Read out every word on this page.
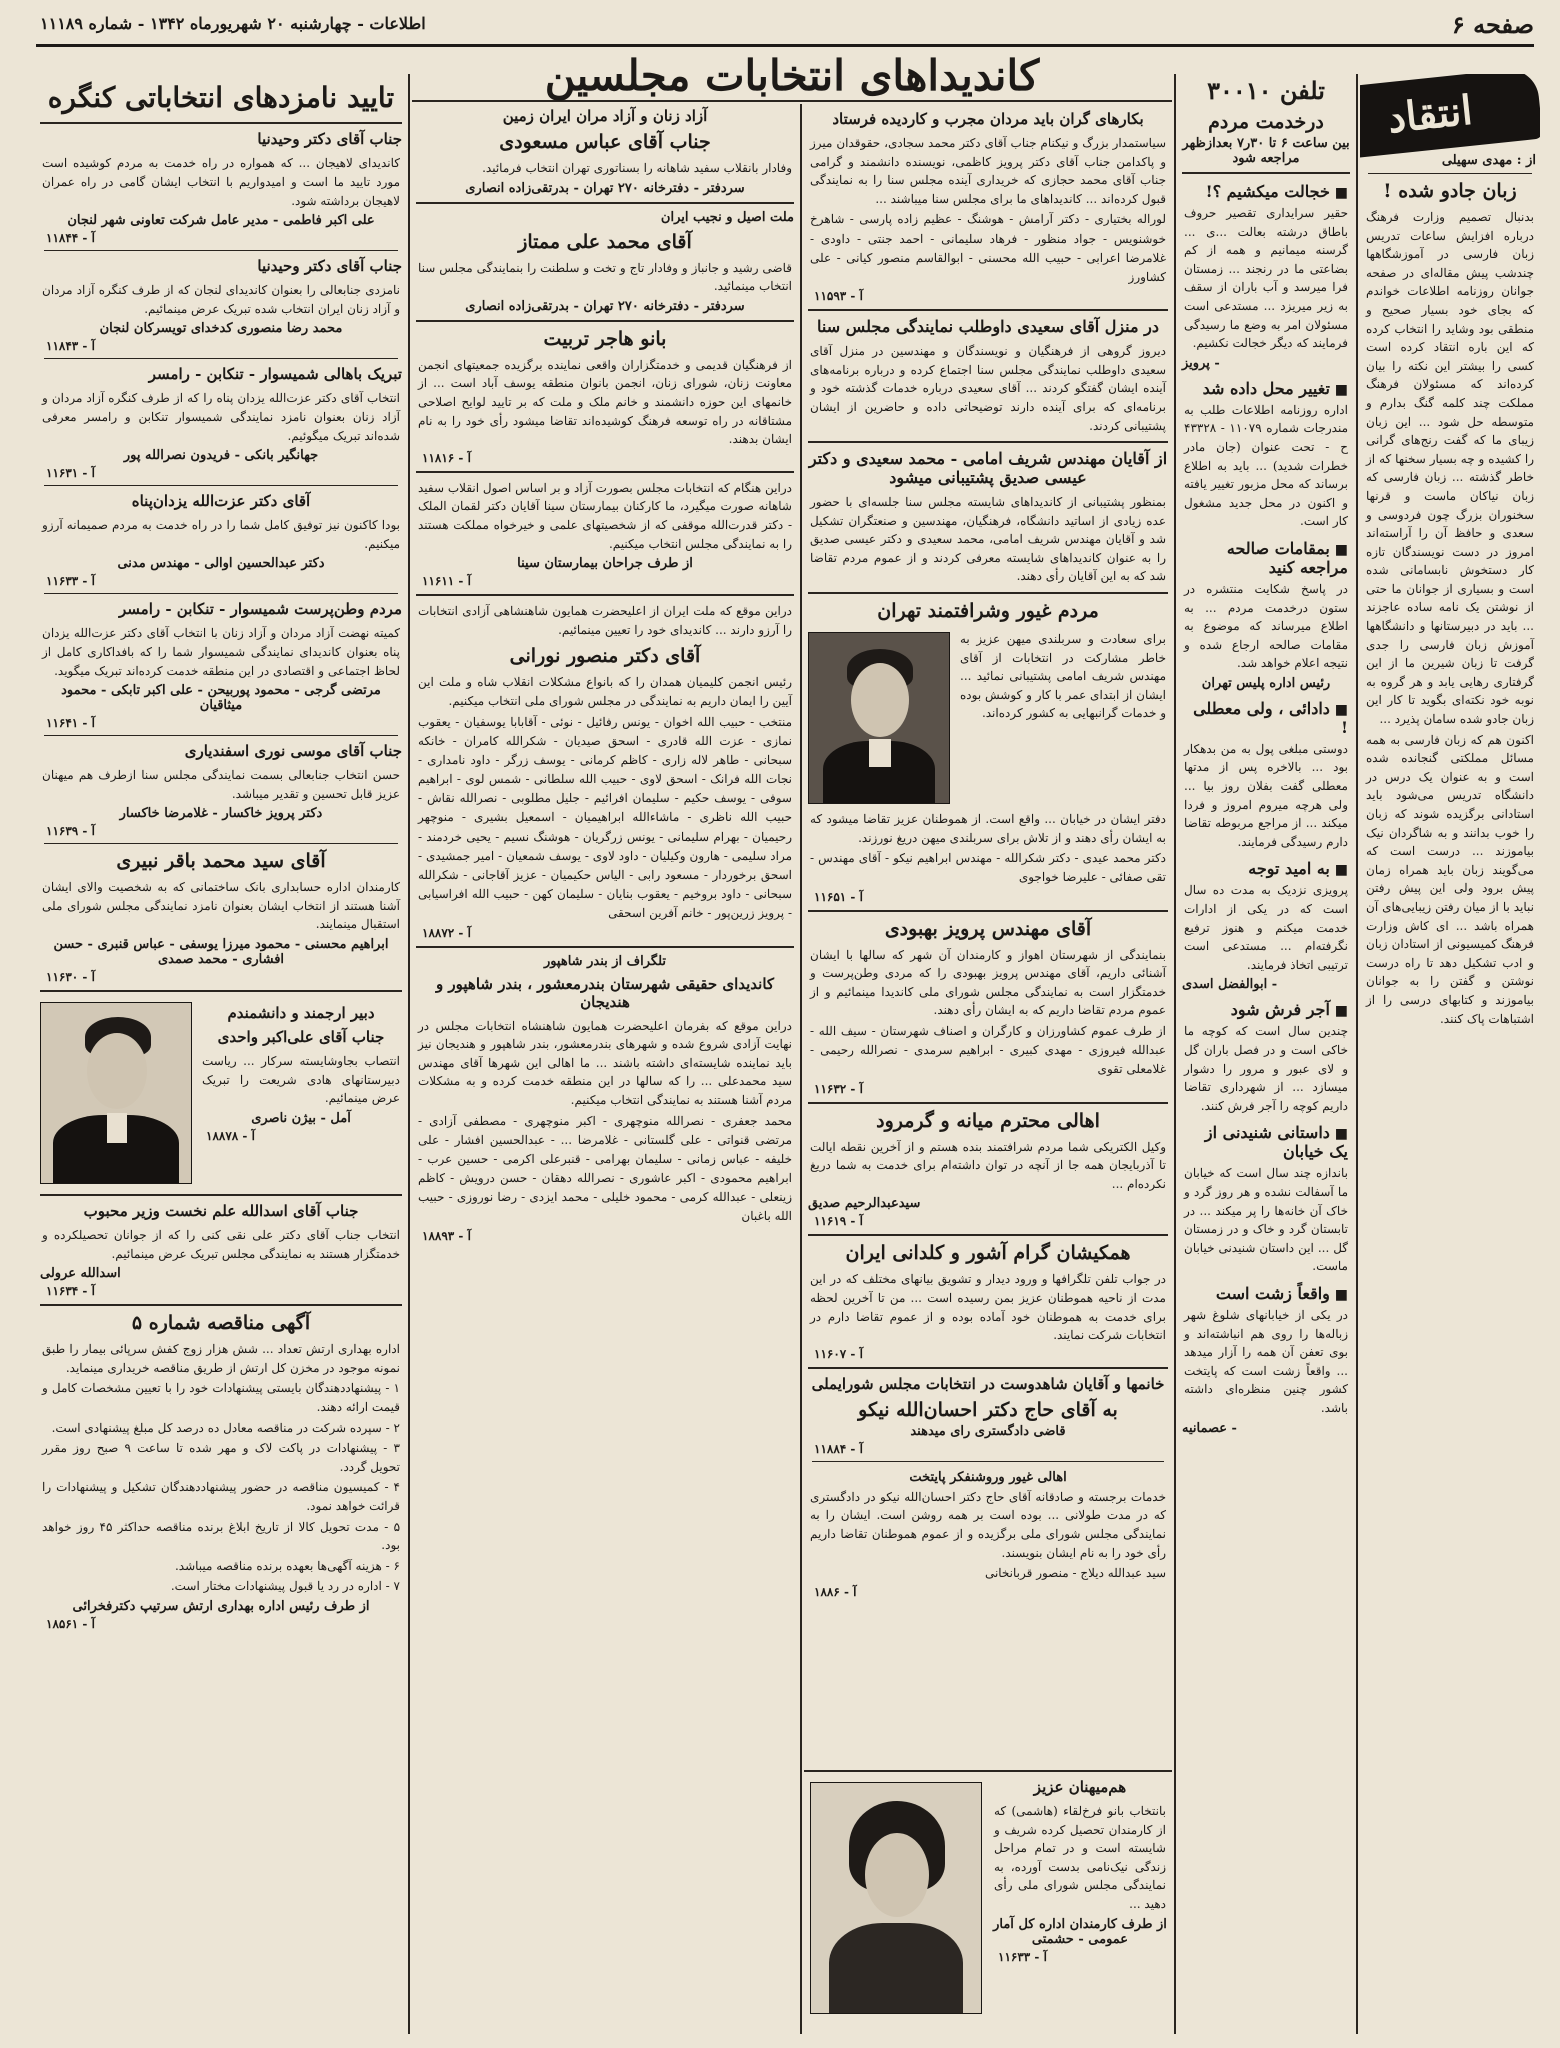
صفحه ۶
اطلاعات - چهارشنبه ۲۰ شهریورماه ۱۳۴۲ - شماره ۱۱۱۸۹
کاندیداهای انتخابات مجلسین
انتقاد
از : مهدی سهیلی
زبان جادو شده !
بدنبال تصمیم وزارت فرهنگ درباره افزایش ساعات تدریس زبان فارسی در آموزشگاهها چندشب پیش مقاله‌ای در صفحه جوانان روزنامه اطلاعات خواندم که بجای خود بسیار صحیح و منطقی بود وشاید را انتخاب کرده که این باره انتقاد کرده است کسی را بیشتر این نکته را بیان کرده‌اند که مسئولان فرهنگ مملکت چند کلمه گنگ بدارم و متوسطه حل شود ... این زبان زیبای ما که گفت رنج‌های گرانی را کشیده و چه بسیار سخنها که از خاطر گذشته ... زبان فارسی که زبان نیاکان ماست و قرنها سخنوران بزرگ چون فردوسی و سعدی و حافظ آن را آراسته‌اند امروز در دست نویسندگان تازه کار دستخوش نابسامانی شده است و بسیاری از جوانان ما حتی از نوشتن یک نامه ساده عاجزند ... باید در دبیرستانها و دانشگاهها آموزش زبان فارسی را جدی گرفت تا زبان شیرین ما از این گرفتاری رهایی یابد و هر گروه به نوبه خود نکته‌ای بگوید تا کار این زبان جادو شده سامان پذیرد ...
اکنون هم که زبان فارسی به همه مسائل مملکتی گنجانده شده است و به عنوان یک درس در دانشگاه تدریس می‌شود باید استادانی برگزیده شوند که زبان را خوب بدانند و به شاگردان نیک بیاموزند ... درست است که می‌گویند زبان باید همراه زمان پیش برود ولی این پیش رفتن نباید با از میان رفتن زیبایی‌های آن همراه باشد ... ای کاش وزارت فرهنگ کمیسیونی از استادان زبان و ادب تشکیل دهد تا راه درست نوشتن و گفتن را به جوانان بیاموزند و کتابهای درسی را از اشتباهات پاک کنند.
تلفن ۳۰۰۱۰
درخدمت مردم
بین ساعت ۶ تا ۳۰ر۷ بعدازظهر مراجعه شود
■ خجالت میکشیم ؟!
حقیر سرایداری تقصیر حروف باطاق درشته بعالت ...ی ... گرسنه میمانیم و همه از کم بضاعتی ما در رنجند ... زمستان فرا میرسد و آب باران از سقف به زیر میریزد ... مستدعی است مسئولان امر به وضع ما رسیدگی فرمایند که دیگر خجالت نکشیم.
- پرویز
■ تغییر محل داده شد
اداره روزنامه اطلاعات طلب به مندرجات شماره ۱۱۰۷۹ - ۴۳۳۲۸ ح - تحت عنوان (جان مادر خطرات شدید) ... باید به اطلاع برساند که محل مزبور تغییر یافته و اکنون در محل جدید مشغول کار است.
■ بمقامات صالحه مراجعه کنید
در پاسخ شکایت منتشره در ستون درخدمت مردم ... به اطلاع میرساند که موضوع به مقامات صالحه ارجاع شده و نتیجه اعلام خواهد شد.
رئیس اداره پلیس تهران
■ دادائی ، ولی معطلی !
دوستی مبلغی پول به من بدهکار بود ... بالاخره پس از مدتها معطلی گفت بفلان روز بیا ... ولی هرچه میروم امروز و فردا میکند ... از مراجع مربوطه تقاضا دارم رسیدگی فرمایند.
■ به امید توجه
پرویزی نزدیک به مدت ده سال است که در یکی از ادارات خدمت میکنم و هنوز ترفیع نگرفته‌ام ... مستدعی است ترتیبی اتخاذ فرمایند.
- ابوالفضل اسدی
■ آجر فرش شود
چندین سال است که کوچه ما خاکی است و در فصل باران گل و لای عبور و مرور را دشوار میسازد ... از شهرداری تقاضا داریم کوچه را آجر فرش کنند.
■ داستانی شنیدنی از یک خیابان
باندازه چند سال است که خیابان ما آسفالت نشده و هر روز گرد و خاک آن خانه‌ها را پر میکند ... در تابستان گرد و خاک و در زمستان گل ... این داستان شنیدنی خیابان ماست.
■ واقعاً زشت است
در یکی از خیابانهای شلوغ شهر زباله‌ها را روی هم انباشته‌اند و بوی تعفن آن همه را آزار میدهد ... واقعاً زشت است که پایتخت کشور چنین منظره‌ای داشته باشد.
- عصمانیه
بکارهای گران باید مردان مجرب و کاردیده فرستاد
سیاستمدار بزرگ و نیکنام جناب آقای دکتر محمد سجادی، حقوقدان میرز و پاکدامن جناب آقای دکتر پرویز کاظمی، نویسنده دانشمند و گرامی جناب آقای محمد حجازی که خریداری آینده مجلس سنا را به نمایندگی قبول کرده‌اند ... کاندیداهای ما برای مجلس سنا میباشند ...
لوراله بختیاری - دکتر آرامش - هوشنگ - عظیم زاده پارسی - شاهرخ خوشنویس - جواد منظور - فرهاد سلیمانی - احمد جنتی - داودی - غلامرضا اعرابی - حبیب الله محسنی - ابوالقاسم منصور کیانی - علی کشاورز
آ - ۱۱۵۹۳
در منزل آقای سعیدی داوطلب نمایندگی مجلس سنا
دیروز گروهی از فرهنگیان و نویسندگان و مهندسین در منزل آقای سعیدی داوطلب نمایندگی مجلس سنا اجتماع کرده و درباره برنامه‌های آینده ایشان گفتگو کردند ... آقای سعیدی درباره خدمات گذشته خود و برنامه‌ای که برای آینده دارند توضیحاتی داده و حاضرین از ایشان پشتیبانی کردند.
از آقایان مهندس شریف امامی - محمد سعیدی و دکتر عیسی صدیق پشتیبانی میشود
بمنظور پشتیبانی از کاندیداهای شایسته مجلس سنا جلسه‌ای با حضور عده زیادی از اساتید دانشگاه، فرهنگیان، مهندسین و صنعتگران تشکیل شد و آقایان مهندس شریف امامی، محمد سعیدی و دکتر عیسی صدیق را به عنوان کاندیداهای شایسته معرفی کردند و از عموم مردم تقاضا شد که به این آقایان رأی دهند.
مردم غیور وشرافتمند تهران
برای سعادت و سربلندی میهن عزیز به خاطر مشارکت در انتخابات از آقای مهندس شریف امامی پشتیبانی نمائید ... ایشان از ابتدای عمر با کار و کوشش بوده و خدمات گرانبهایی به کشور کرده‌اند.
دفتر ایشان در خیابان ... واقع است. از هموطنان عزیز تقاضا میشود که به ایشان رأی دهند و از تلاش برای سربلندی میهن دریغ نورزند.
دکتر محمد عیدی - دکتر شکرالله - مهندس ابراهیم نیکو - آقای مهندس - تقی صفائی - علیرضا خواجوی
آ - ۱۱۶۵۱
آقای مهندس پرویز بهبودی
بنمایندگی از شهرستان اهواز و کارمندان آن شهر که سالها با ایشان آشنائی داریم، آقای مهندس پرویز بهبودی را که مردی وطن‌پرست و خدمتگزار است به نمایندگی مجلس شورای ملی کاندیدا مینمائیم و از عموم مردم تقاضا داریم که به ایشان رأی دهند.
از طرف عموم کشاورزان و کارگران و اصناف شهرستان - سیف الله - عبدالله فیروزی - مهدی کبیری - ابراهیم سرمدی - نصرالله رحیمی - غلامعلی تقوی
آ - ۱۱۶۳۲
اهالی محترم میانه و گرمرود
وکیل الکتریکی شما مردم شرافتمند بنده هستم و از آخرین نقطه ایالت تا آذربایجان همه جا از آنچه در توان داشته‌ام برای خدمت به شما دریغ نکرده‌ام ...
سیدعبدالرحیم صدیق
آ - ۱۱۶۱۹
همکیشان گرام آشور و کلدانی ایران
در جواب تلفن تلگرافها و ورود دیدار و تشویق بیانهای مختلف که در این مدت از ناحیه هموطنان عزیز بمن رسیده است ... من تا آخرین لحظه برای خدمت به هموطنان خود آماده بوده و از عموم تقاضا دارم در انتخابات شرکت نمایند.
آ - ۱۱۶۰۷
خانمها و آقایان شاهدوست در انتخابات مجلس شورایملی
به آقای حاج دکتر احسان‌الله نیکو
قاضی دادگستری رای میدهند
آ - ۱۱۸۸۴
اهالی غیور وروشنفکر پایتخت
خدمات برجسته و صادقانه آقای حاج دکتر احسان‌الله نیکو در دادگستری که در مدت طولانی ... بوده است بر همه روشن است. ایشان را به نمایندگی مجلس شورای ملی برگزیده و از عموم هموطنان تقاضا داریم رأی خود را به نام ایشان بنویسند.
سید عبدالله دیلاج - منصور قربانخانی
آ - ۱۸۸۶
آزاد زنان و آزاد مران ایران زمین
جناب آقای عباس مسعودی
وفادار بانقلاب سفید شاهانه را بسناتوری تهران انتخاب فرمائید.
سردفتر - دفترخانه ۲۷۰ تهران - بدرتقی‌زاده انصاری
ملت اصیل و نجیب ایران
آقای محمد علی ممتاز
قاضی رشید و جانباز و وفادار تاج و تخت و سلطنت را بنمایندگی مجلس سنا انتخاب مینمائید.
سردفتر - دفترخانه ۲۷۰ تهران - بدرتقی‌زاده انصاری
بانو هاجر تربیت
از فرهنگیان قدیمی و خدمتگزاران واقعی نماینده برگزیده جمعیتهای انجمن معاونت زنان، شورای زنان، انجمن بانوان منطقه یوسف آباد است ... از خانمهای این حوزه دانشمند و خانم ملک و ملت که بر تایید لوایح اصلاحی مشتاقانه در راه توسعه فرهنگ کوشیده‌اند تقاضا میشود رأی خود را به نام ایشان بدهند.
آ - ۱۱۸۱۶
دراین هنگام که انتخابات مجلس بصورت آزاد و بر اساس اصول انقلاب سفید شاهانه صورت میگیرد، ما کارکنان بیمارستان سینا آقایان دکتر لقمان الملک - دکتر قدرت‌الله موقفی که از شخصیتهای علمی و خیرخواه مملکت هستند را به نمایندگی مجلس انتخاب میکنیم.
از طرف جراحان بیمارستان سینا
آ - ۱۱۶۱۱
دراین موقع که ملت ایران از اعلیحضرت همایون شاهنشاهی آزادی انتخابات را آرزو دارند ... کاندیدای خود را تعیین مینمائیم.
آقای دکتر منصور نورانی
رئیس انجمن کلیمیان همدان را که بانواع مشکلات انقلاب شاه و ملت این آیین را ایمان داریم به نمایندگی در مجلس شورای ملی انتخاب میکنیم.
منتخب - حبیب الله اخوان - یونس رفائیل - نوئی - آقابابا یوسفیان - یعقوب نمازی - عزت الله قادری - اسحق صیدیان - شکرالله کامران - خانکه سبحانی - طاهر لاله زاری - کاظم کرمانی - یوسف زرگر - داود نامداری - نجات الله فرانک - اسحق لاوی - حبیب الله سلطانی - شمس لوی - ابراهیم سوفی - یوسف حکیم - سلیمان افرائیم - جلیل مطلوبی - نصرالله نقاش - حبیب الله ناظری - ماشاءالله ابراهیمیان - اسمعیل بشیری - منوچهر رحیمیان - بهرام سلیمانی - یونس زرگریان - هوشنگ نسیم - یحیی خردمند - مراد سلیمی - هارون وکیلیان - داود لاوی - یوسف شمعیان - امیر جمشیدی - اسحق برخوردار - مسعود رابی - الیاس حکیمیان - عزیز آقاجانی - شکرالله سبحانی - داود بروخیم - یعقوب بنایان - سلیمان کهن - حبیب الله افراسیابی - پرویز زرین‌پور - خانم آفرین اسحقی
آ - ۱۸۸۷۲
تلگراف از بندر شاهپور
کاندیدای حقیقی شهرستان بندرمعشور ، بندر شاهپور و هندیجان
دراین موقع که بفرمان اعلیحضرت همایون شاهنشاه انتخابات مجلس در نهایت آزادی شروع شده و شهرهای بندرمعشور، بندر شاهپور و هندیجان نیز باید نماینده شایسته‌ای داشته باشند ... ما اهالی این شهرها آقای مهندس سید محمدعلی ... را که سالها در این منطقه خدمت کرده و به مشکلات مردم آشنا هستند به نمایندگی انتخاب میکنیم.
محمد جعفری - نصرالله منوچهری - اکبر منوچهری - مصطفی آزادی - مرتضی قنواتی - علی گلستانی - غلامرضا ... - عبدالحسین افشار - علی خلیفه - عباس زمانی - سلیمان بهرامی - قنبرعلی اکرمی - حسین عرب - ابراهیم محمودی - اکبر عاشوری - نصرالله دهقان - حسن درویش - کاظم زینعلی - عبدالله کرمی - محمود خلیلی - محمد ایزدی - رضا نوروزی - حبیب الله باغبان
آ - ۱۸۸۹۳
هم‌میهنان عزیز
بانتخاب بانو فرخ‌لقاء (هاشمی) که از کارمندان تحصیل کرده شریف و شایسته است و در تمام مراحل زندگی نیک‌نامی بدست آورده، به نمایندگی مجلس شورای ملی رأی دهید ...
از طرف کارمندان اداره کل آمار عمومی - حشمتی
آ - ۱۱۶۳۳
تایید نامزدهای انتخاباتی کنگره
جناب آقای دکتر وحیدنیا
کاندیدای لاهیجان ... که همواره در راه خدمت به مردم کوشیده است مورد تایید ما است و امیدواریم با انتخاب ایشان گامی در راه عمران لاهیجان برداشته شود.
علی اکبر فاطمی - مدیر عامل شرکت تعاونی شهر لنجان
آ - ۱۱۸۴۴
جناب آقای دکتر وحیدنیا
نامزدی جنابعالی را بعنوان کاندیدای لنجان که از طرف کنگره آزاد مردان و آزاد زنان ایران انتخاب شده تبریک عرض مینمائیم.
محمد رضا منصوری کدخدای تویسرکان لنجان
آ - ۱۱۸۴۳
تبریک باهالی شمیسوار - تنکابن - رامسر
انتخاب آقای دکتر عزت‌الله یزدان پناه را که از طرف کنگره آزاد مردان و آزاد زنان بعنوان نامزد نمایندگی شمیسوار تنکابن و رامسر معرفی شده‌اند تبریک میگوئیم.
جهانگیر بانکی - فریدون نصرالله پور
آ - ۱۱۶۳۱
آقای دکتر عزت‌الله یزدان‌پناه
بودا کاکنون نیز توفیق کامل شما را در راه خدمت به مردم صمیمانه آرزو میکنیم.
دکتر عبدالحسین اوالی - مهندس مدنی
آ - ۱۱۶۳۳
مردم وطن‌پرست شمیسوار - تنکابن - رامسر
کمیته نهضت آزاد مردان و آزاد زنان با انتخاب آقای دکتر عزت‌الله یزدان پناه بعنوان کاندیدای نمایندگی شمیسوار شما را که بافداکاری کامل از لحاظ اجتماعی و اقتصادی در این منطقه خدمت کرده‌اند تبریک میگوید.
مرتضی گرجی - محمود پوربیحن - علی اکبر تابکی - محمود میثاقیان
آ - ۱۱۶۴۱
جناب آقای موسی نوری اسفندیاری
حسن انتخاب جنابعالی بسمت نمایندگی مجلس سنا ازطرف هم میهنان عزیز قابل تحسین و تقدیر میباشد.
دکتر پرویز خاکسار - غلامرضا خاکسار
آ - ۱۱۶۳۹
آقای سید محمد باقر نبیری
کارمندان اداره حسابداری بانک ساختمانی که به شخصیت والای ایشان آشنا هستند از انتخاب ایشان بعنوان نامزد نمایندگی مجلس شورای ملی استقبال مینمایند.
ابراهیم محسنی - محمود میرزا یوسفی - عباس قنبری - حسن افشاری - محمد صمدی
آ - ۱۱۶۳۰
دبیر ارجمند و دانشمندم
جناب آقای علی‌اکبر واحدی
انتصاب بجاوشایسته سرکار ... ریاست دبیرستانهای هادی شریعت را تبریک عرض مینمائیم.
آمل - بیژن ناصری
آ - ۱۸۸۷۸
جناب آقای اسدالله علم نخست وزیر محبوب
انتخاب جناب آقای دکتر علی نقی کنی را که از جوانان تحصیلکرده و خدمتگزار هستند به نمایندگی مجلس تبریک عرض مینمائیم.
اسدالله عرولی
آ - ۱۱۶۳۴
آگهی مناقصه شماره ۵
اداره بهداری ارتش تعداد ... شش هزار زوج کفش سرپائی بیمار را طبق نمونه موجود در مخزن کل ارتش از طریق مناقصه خریداری مینماید.
۱ - پیشنهاددهندگان بایستی پیشنهادات خود را با تعیین مشخصات کامل و قیمت ارائه دهند.
۲ - سپرده شرکت در مناقصه معادل ده درصد کل مبلغ پیشنهادی است.
۳ - پیشنهادات در پاکت لاک و مهر شده تا ساعت ۹ صبح روز مقرر تحویل گردد.
۴ - کمیسیون مناقصه در حضور پیشنهاددهندگان تشکیل و پیشنهادات را قرائت خواهد نمود.
۵ - مدت تحویل کالا از تاریخ ابلاغ برنده مناقصه حداکثر ۴۵ روز خواهد بود.
۶ - هزینه آگهی‌ها بعهده برنده مناقصه میباشد.
۷ - اداره در رد یا قبول پیشنهادات مختار است.
از طرف رئیس اداره بهداری ارتش سرتیپ دکترفخرائی
آ - ۱۸۵۶۱
